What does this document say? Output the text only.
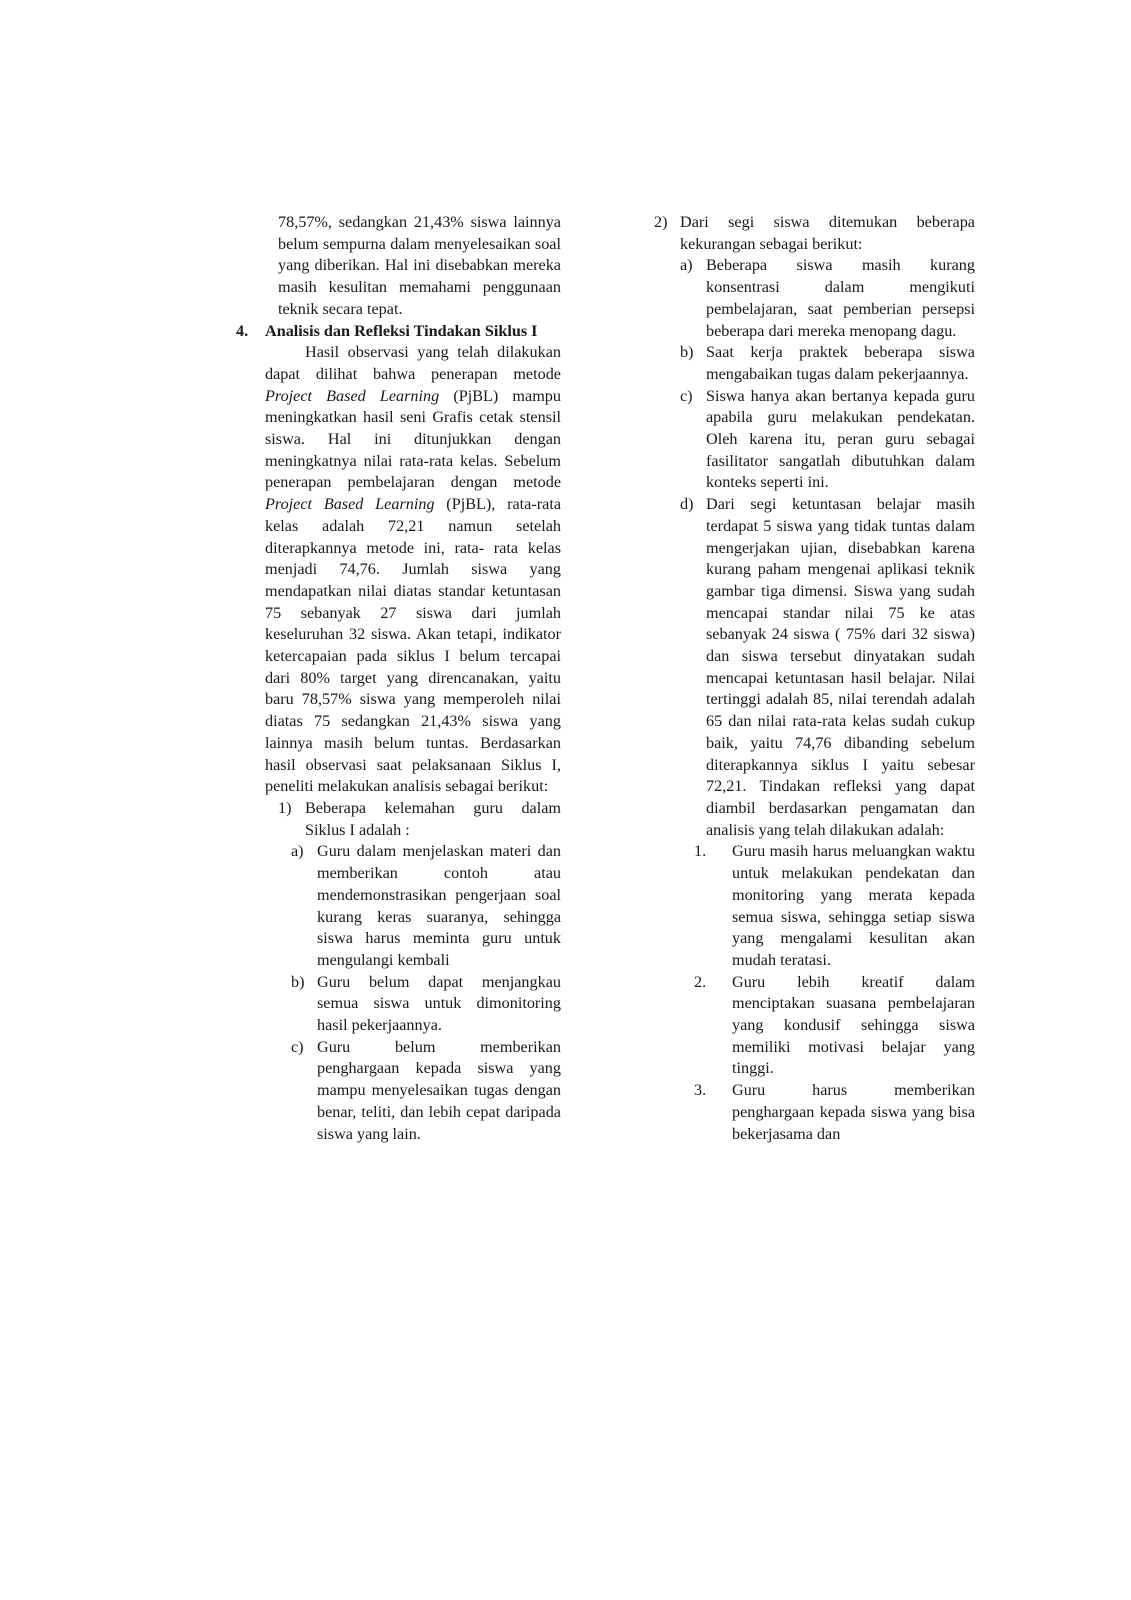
78,57%, sedangkan 21,43% siswa lainnya belum sempurna dalam menyelesaikan soal yang diberikan. Hal ini disebabkan mereka masih kesulitan memahami penggunaan teknik secara tepat.

4. Analisis dan Refleksi Tindakan Siklus I

Hasil observasi yang telah dilakukan dapat dilihat bahwa penerapan metode Project Based Learning (PjBL) mampu meningkatkan hasil seni Grafis cetak stensil siswa. Hal ini ditunjukkan dengan meningkatnya nilai rata-rata kelas. Sebelum penerapan pembelajaran dengan metode Project Based Learning (PjBL), rata-rata kelas adalah 72,21 namun setelah diterapkannya metode ini, rata- rata kelas menjadi 74,76. Jumlah siswa yang mendapatkan nilai diatas standar ketuntasan 75 sebanyak 27 siswa dari jumlah keseluruhan 32 siswa. Akan tetapi, indikator ketercapaian pada siklus I belum tercapai dari 80% target yang direncanakan, yaitu baru 78,57% siswa yang memperoleh nilai diatas 75 sedangkan 21,43% siswa yang lainnya masih belum tuntas. Berdasarkan hasil observasi saat pelaksanaan Siklus I, peneliti melakukan analisis sebagai berikut:

1) Beberapa kelemahan guru dalam Siklus I adalah :
a) Guru dalam menjelaskan materi dan memberikan contoh atau mendemonstrasikan pengerjaan soal kurang keras suaranya, sehingga siswa harus meminta guru untuk mengulangi kembali
b) Guru belum dapat menjangkau semua siswa untuk dimonitoring hasil pekerjaannya.
c) Guru belum memberikan penghargaan kepada siswa yang mampu menyelesaikan tugas dengan benar, teliti, dan lebih cepat daripada siswa yang lain.
2) Dari segi siswa ditemukan beberapa kekurangan sebagai berikut:
a) Beberapa siswa masih kurang konsentrasi dalam mengikuti pembelajaran, saat pemberian persepsi beberapa dari mereka menopang dagu.
b) Saat kerja praktek beberapa siswa mengabaikan tugas dalam pekerjaannya.
c) Siswa hanya akan bertanya kepada guru apabila guru melakukan pendekatan. Oleh karena itu, peran guru sebagai fasilitator sangatlah dibutuhkan dalam konteks seperti ini.
d) Dari segi ketuntasan belajar masih terdapat 5 siswa yang tidak tuntas dalam mengerjakan ujian, disebabkan karena kurang paham mengenai aplikasi teknik gambar tiga dimensi. Siswa yang sudah mencapai standar nilai 75 ke atas sebanyak 24 siswa ( 75% dari 32 siswa) dan siswa tersebut dinyatakan sudah mencapai ketuntasan hasil belajar. Nilai tertinggi adalah 85, nilai terendah adalah 65 dan nilai rata-rata kelas sudah cukup baik, yaitu 74,76 dibanding sebelum diterapkannya siklus I yaitu sebesar 72,21. Tindakan refleksi yang dapat diambil berdasarkan pengamatan dan analisis yang telah dilakukan adalah:
1. Guru masih harus meluangkan waktu untuk melakukan pendekatan dan monitoring yang merata kepada semua siswa, sehingga setiap siswa yang mengalami kesulitan akan mudah teratasi.
2. Guru lebih kreatif dalam menciptakan suasana pembelajaran yang kondusif sehingga siswa memiliki motivasi belajar yang tinggi.
3. Guru harus memberikan penghargaan kepada siswa yang bisa bekerjasama dan
